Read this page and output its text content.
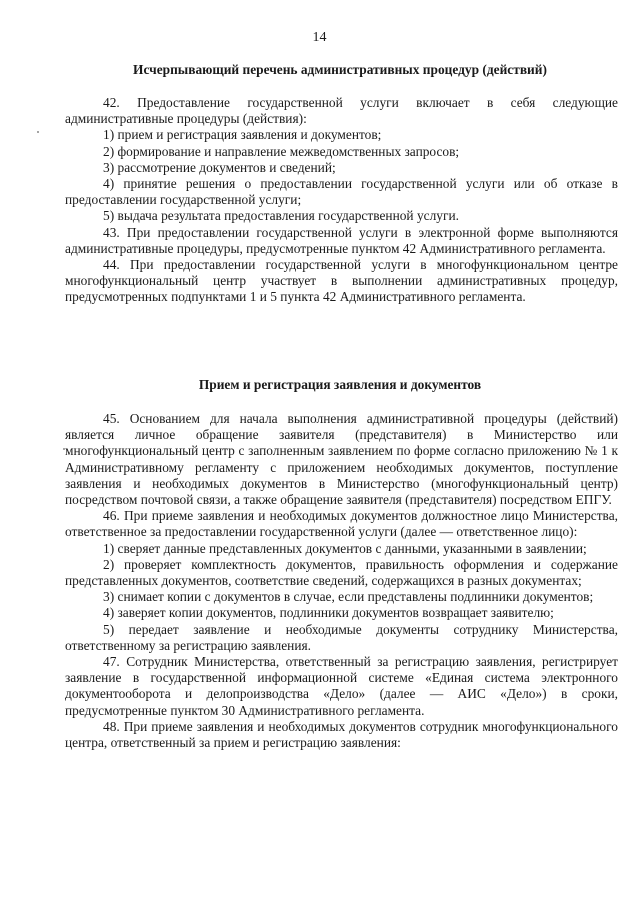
14
Исчерпывающий перечень административных процедур (действий)

42. Предоставление государственной услуги включает в себя следующие административные процедуры (действия):

1) прием и регистрация заявления и документов;

2) формирование и направление межведомственных запросов;

3) рассмотрение документов и сведений;

4) принятие решения о предоставлении государственной услуги или об отказе в предоставлении государственной услуги;

5) выдача результата предоставления государственной услуги.

43. При предоставлении государственной услуги в электронной форме выполняются административные процедуры, предусмотренные пунктом 42 Административного регламента.

44. При предоставлении государственной услуги в многофункциональном центре многофункциональный центр участвует в выполнении административных процедур, предусмотренных подпунктами 1 и 5 пункта 42 Административного регламента.

Прием и регистрация заявления и документов

45. Основанием для начала выполнения административной процедуры (действий) является личное обращение заявителя (представителя) в Министерство или многофункциональный центр с заполненным заявлением по форме согласно приложению № 1 к Административному регламенту с приложением необходимых документов, поступление заявления и необходимых документов в Министерство (многофункциональный центр) посредством почтовой связи, а также обращение заявителя (представителя) посредством ЕПГУ.

46. При приеме заявления и необходимых документов должностное лицо Министерства, ответственное за предоставлении государственной услуги (далее — ответственное лицо):

1) сверяет данные представленных документов с данными, указанными в заявлении;

2) проверяет комплектность документов, правильность оформления и содержание представленных документов, соответствие сведений, содержащихся в разных документах;

3) снимает копии с документов в случае, если представлены подлинники документов;

4) заверяет копии документов, подлинники документов возвращает заявителю;

5) передает заявление и необходимые документы сотруднику Министерства, ответственному за регистрацию заявления.

47. Сотрудник Министерства, ответственный за регистрацию заявления, регистрирует заявление в государственной информационной системе «Единая система электронного документооборота и делопроизводства «Дело» (далее — АИС «Дело») в сроки, предусмотренные пунктом 30 Административного регламента.

48. При приеме заявления и необходимых документов сотрудник многофункционального центра, ответственный за прием и регистрацию заявления:
